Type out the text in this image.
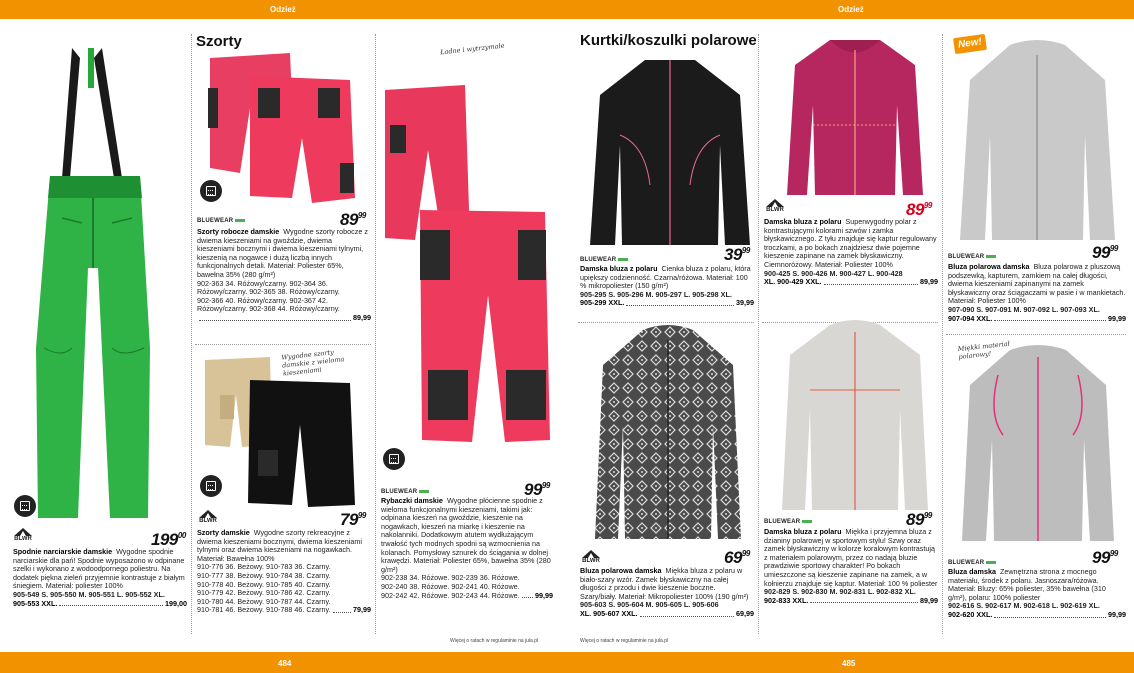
Odzież	Odzież
484	485
Szorty	Kurtki/koszulki polarowe	New!
Ładne i wytrzymałe
Wygodne szorty damskie z wieloma kieszeniami
Miękki materiał polarowy!
BLWR
BLUEWEAR
BLWR
BLUEWEAR
BLUEWEAR
BLWR
BLUEWEAR
BLWR
BLUEWEAR
BLUEWEAR
$199^{00}$
$89^{99}$
$79^{99}$
$99^{99}$
$39^{99}$
$89^{99}$
$99^{99}$
$69^{99}$
$89^{99}$
$99^{99}$
Spodnie narciarskie damskie Wygodne spodnie narciarskie dla pań! Spodnie wyposażono w odpinane szelki i wykonano z wodoodpornego poliestru. Na dodatek piękna zieleń przyjemnie kontrastuje z białym śniegiem. Materiał: poliester 100%
905-549 S. 905-550 M. 905-551 L. 905-552 XL.
905-553 XXL.	199,00
Szorty robocze damskie Wygodne szorty robocze z dwiema kieszeniami na gwoździe, dwiema kieszeniami bocznymi i dwiema kieszeniami tylnymi, kieszenią na nogawce i dużą liczbą innych funkcjonalnych detali. Materiał: Poliester 65%, bawełna 35% (280 g/m²)
902-363 34. Różowy/czarny. 902-364 36.
Różowy/czarny. 902-365 38. Różowy/czarny.
902-366 40. Różowy/czarny. 902-367 42.
Różowy/czarny. 902-368 44. Różowy/czarny.
89,99
Szorty damskie Wygodne szorty rekreacyjne z dwiema kieszeniami bocznymi, dwiema kieszeniami tylnymi oraz dwiema kieszeniami na nogawkach. Materiał: Bawełna 100%
910-776 36. Beżowy. 910-783 36. Czarny.
910-777 38. Beżowy. 910-784 38. Czarny.
910-778 40. Beżowy. 910-785 40. Czarny.
910-779 42. Beżowy. 910-786 42. Czarny.
910-780 44. Beżowy. 910-787 44. Czarny.
910-781 46. Beżowy. 910-788 46. Czarny.	79,99
Rybaczki damskie Wygodne płócienne spodnie z wieloma funkcjonalnymi kieszeniami, takimi jak: odpinana kieszeń na gwoździe, kieszenie na nogawkach, kieszeń na miarkę i kieszenie na nakolanniki. Dodatkowym atutem wydłużającym trwałość tych modnych spodni są wzmocnienia na kolanach. Pomysłowy sznurek do ściągania w dolnej krawędzi. Materiał: Poliester 65%, bawełna 35% (280 g/m²)
902-238 34. Różowe. 902-239 36. Różowe.
902-240 38. Różowe. 902-241 40. Różowe.
902-242 42. Różowe. 902-243 44. Różowe. 99,99
Damska bluza z polaru Cienka bluza z polaru, która upiększy codzienność. Czarna/różowa. Materiał: 100 % mikropoliester (150 g/m²)
905-295 S. 905-296 M. 905-297 L. 905-298 XL.
905-299 XXL.	39,99
Damska bluza z polaru Superwygodny polar z kontrastującymi kolorami szwów i zamka błyskawicznego. Z tyłu znajduje się kaptur regulowany troczkami, a po bokach znajdziesz dwie pojemne kieszenie zapinane na zamek błyskawiczny. Ciemnoróżowy. Materiał: Poliester 100%
900-425 S. 900-426 M. 900-427 L. 900-428
XL. 900-429 XXL.	89,99
Bluza polarowa damska Bluza polarowa z pluszową podszewką, kapturem, zamkiem na całej długości, dwiema kieszeniami zapinanymi na zamek błyskawiczny oraz ściągaczami w pasie i w mankietach. Materiał: Poliester 100%
907-090 S. 907-091 M. 907-092 L. 907-093 XL.
907-094 XXL.	99,99
Bluza polarowa damska Miękka bluza z polaru w biało-szary wzór. Zamek błyskawiczny na całej długości z przodu i dwie kieszenie boczne. Szary/biały. Materiał: Mikropoliester 100% (190 g/m²)
905-603 S. 905-604 M. 905-605 L. 905-606
XL. 905-607 XXL.	69,99
Damska bluza z polaru Miękka i przyjemna bluza z dzianiny polarowej w sportowym stylu! Szwy oraz zamek błyskawiczny w kolorze koralowym kontrastują z materiałem polarowym, przez co nadają bluzie prawdziwie sportowy charakter! Po bokach umieszczone są kieszenie zapinane na zamek, a w kołnierzu znajduje się kaptur. Materiał: 100 % poliester
902-829 S. 902-830 M. 902-831 L. 902-832 XL.
902-833 XXL.	89,99
Bluza damska Zewnętrzna strona z mocnego materiału, środek z polaru. Jasnoszara/różowa. Materiał: Bluzy: 65% poliester, 35% bawełna (310 g/m²), polaru: 100% poliester
902-616 S. 902-617 M. 902-618 L. 902-619 XL.
902-620 XXL.	99,99
Więcej o ratach w regulaminie na jula.pl	Więcej o ratach w regulaminie na jula.pl
